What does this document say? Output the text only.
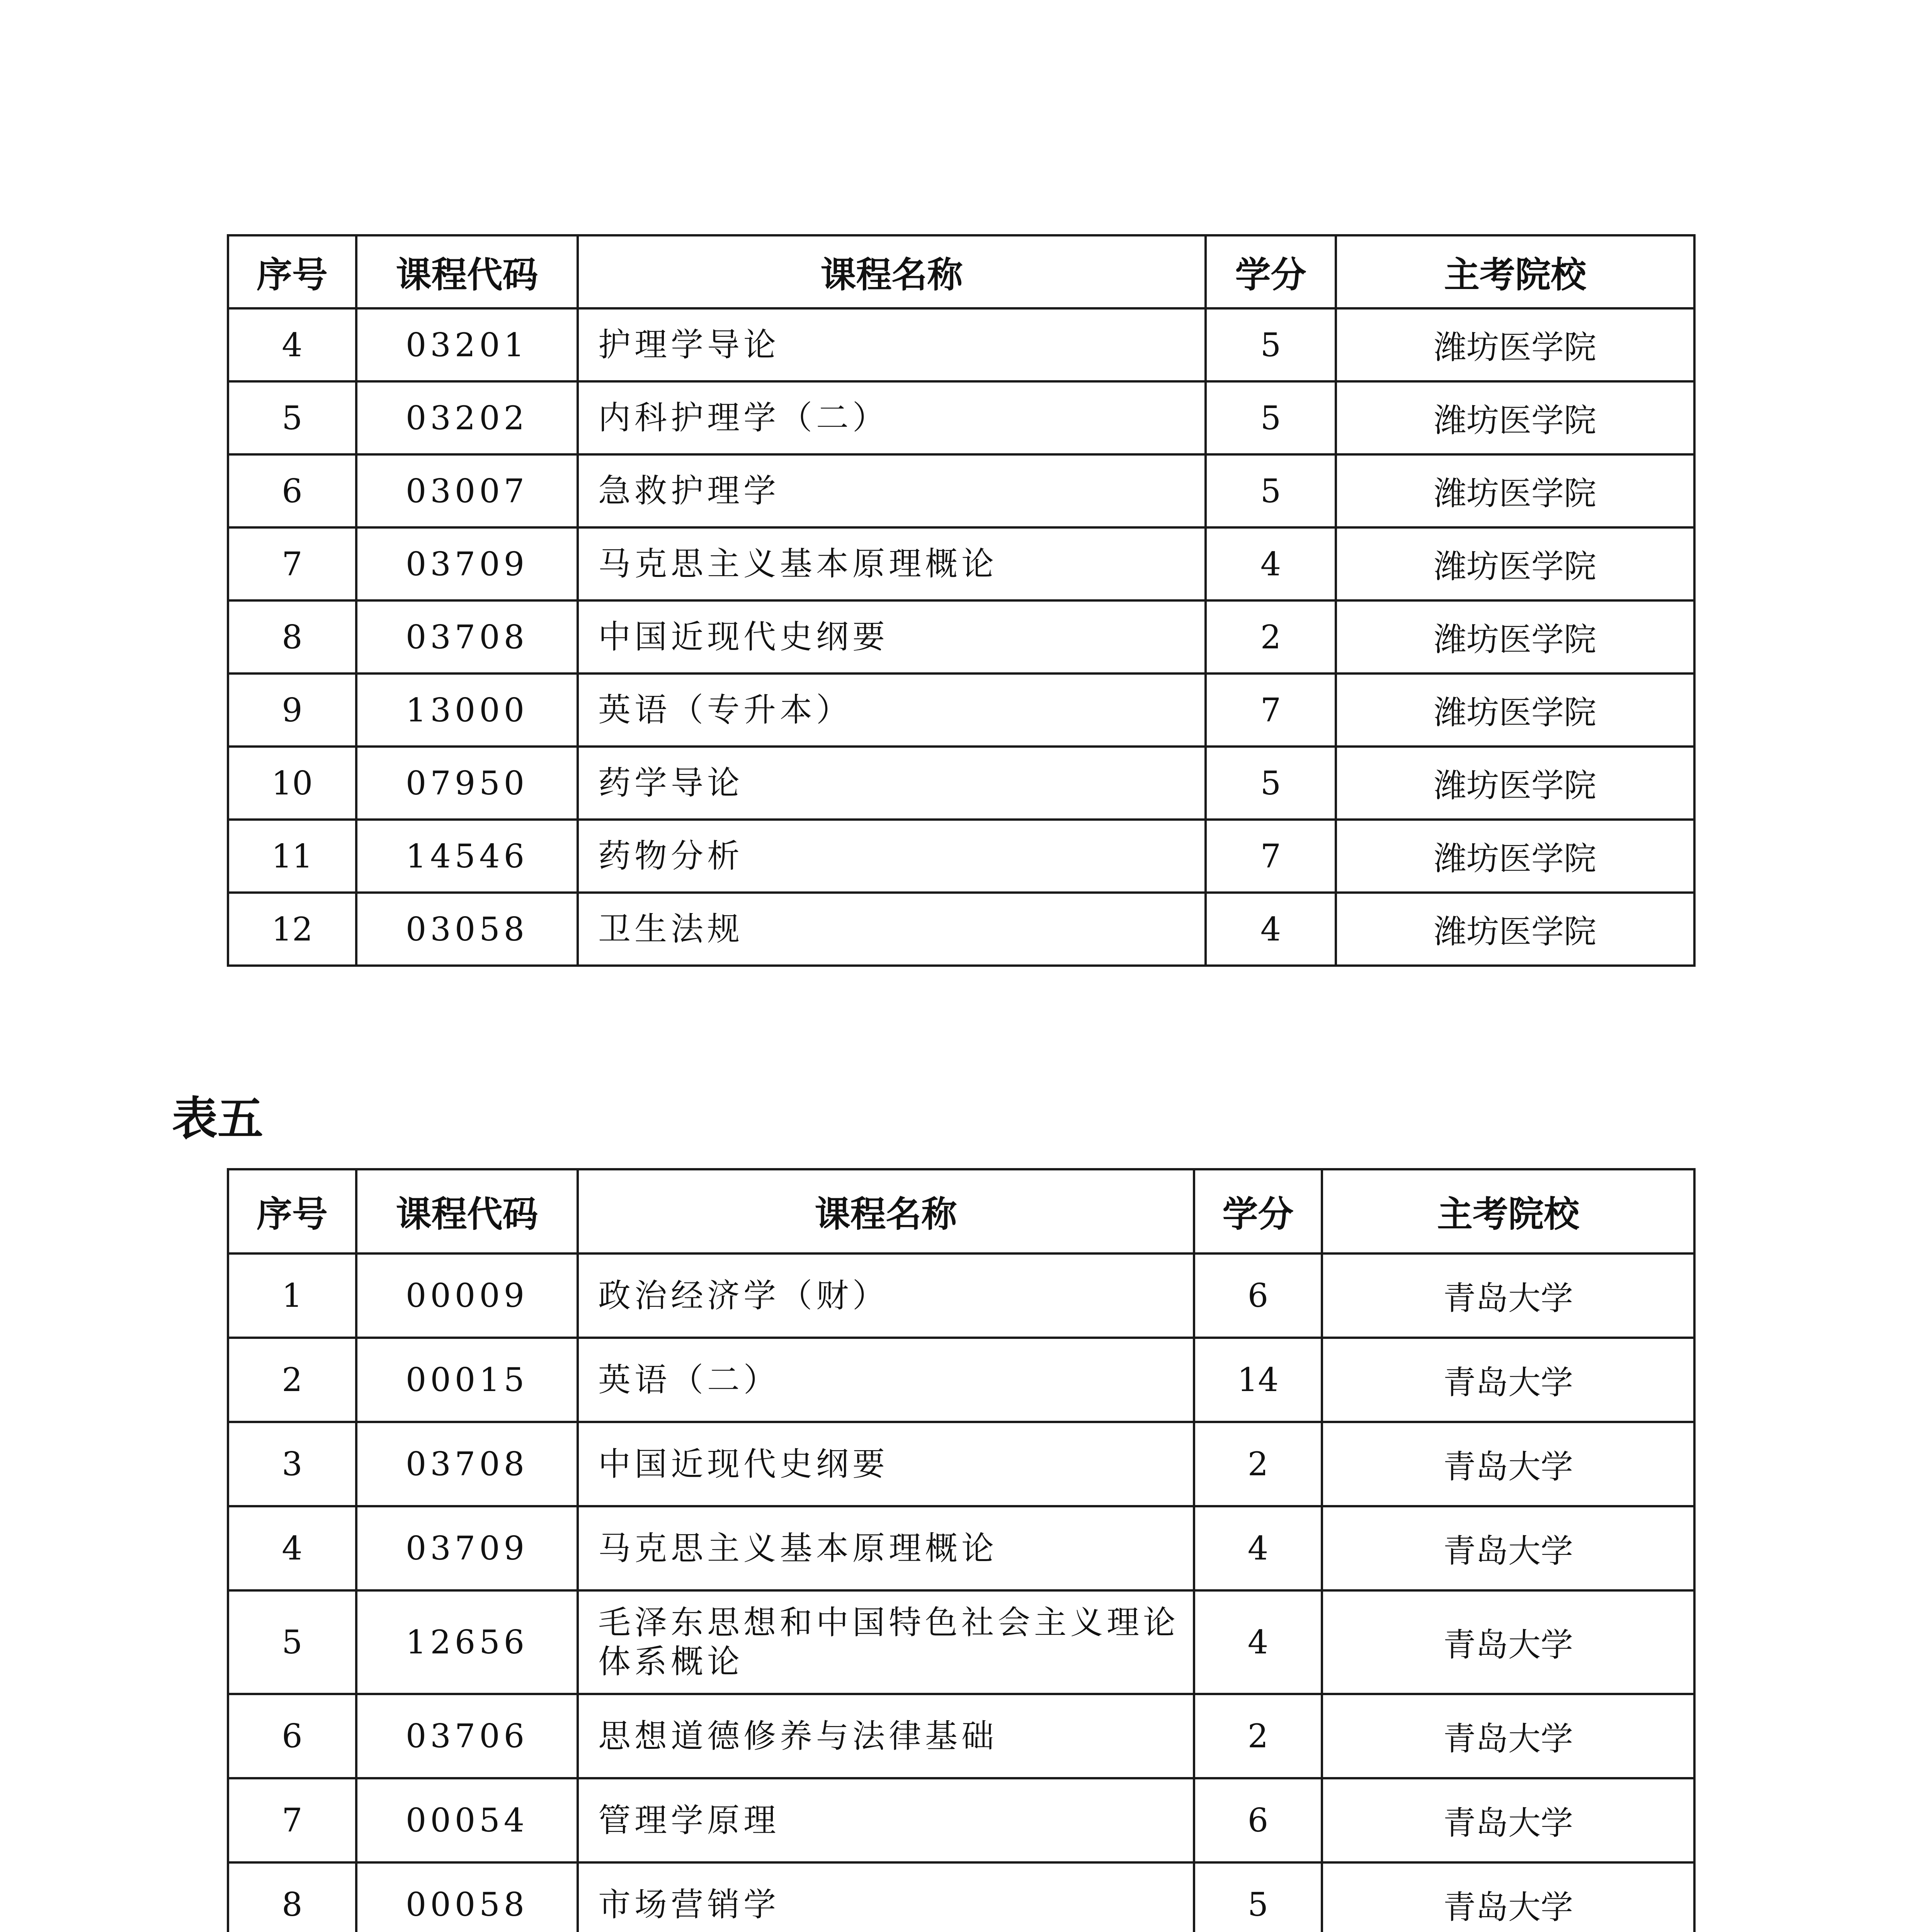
序号	课程代码	课程名称	学分	主考院校
4	03201	护理学导论	5	潍坊医学院
5	03202	内科护理学（二）	5	潍坊医学院
6	03007	急救护理学	5	潍坊医学院
7	03709	马克思主义基本原理概论	4	潍坊医学院
8	03708	中国近现代史纲要	2	潍坊医学院
9	13000	英语（专升本）	7	潍坊医学院
10	07950	药学导论	5	潍坊医学院
11	14546	药物分析	7	潍坊医学院
12	03058	卫生法规	4	潍坊医学院

表五

序号	课程代码	课程名称	学分	主考院校
1	00009	政治经济学（财）	6	青岛大学
2	00015	英语（二）	14	青岛大学
3	03708	中国近现代史纲要	2	青岛大学
4	03709	马克思主义基本原理概论	4	青岛大学
5	12656	毛泽东思想和中国特色社会主义理论体系概论	4	青岛大学
6	03706	思想道德修养与法律基础	2	青岛大学
7	00054	管理学原理	6	青岛大学
8	00058	市场营销学	5	青岛大学
